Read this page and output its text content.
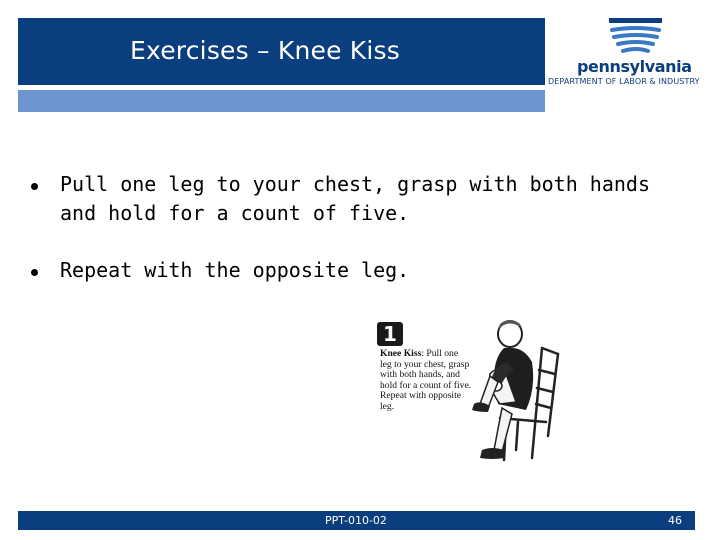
Exercises – Knee Kiss
pennsylvania
DEPARTMENT OF LABOR & INDUSTRY
Pull one leg to your chest, grasp with both hands and hold for a count of five.
Repeat with the opposite leg.
1
Knee Kiss: Pull one leg to your chest, grasp with both hands, and hold for a count of five. Repeat with opposite leg.
PPT-010-02	46
